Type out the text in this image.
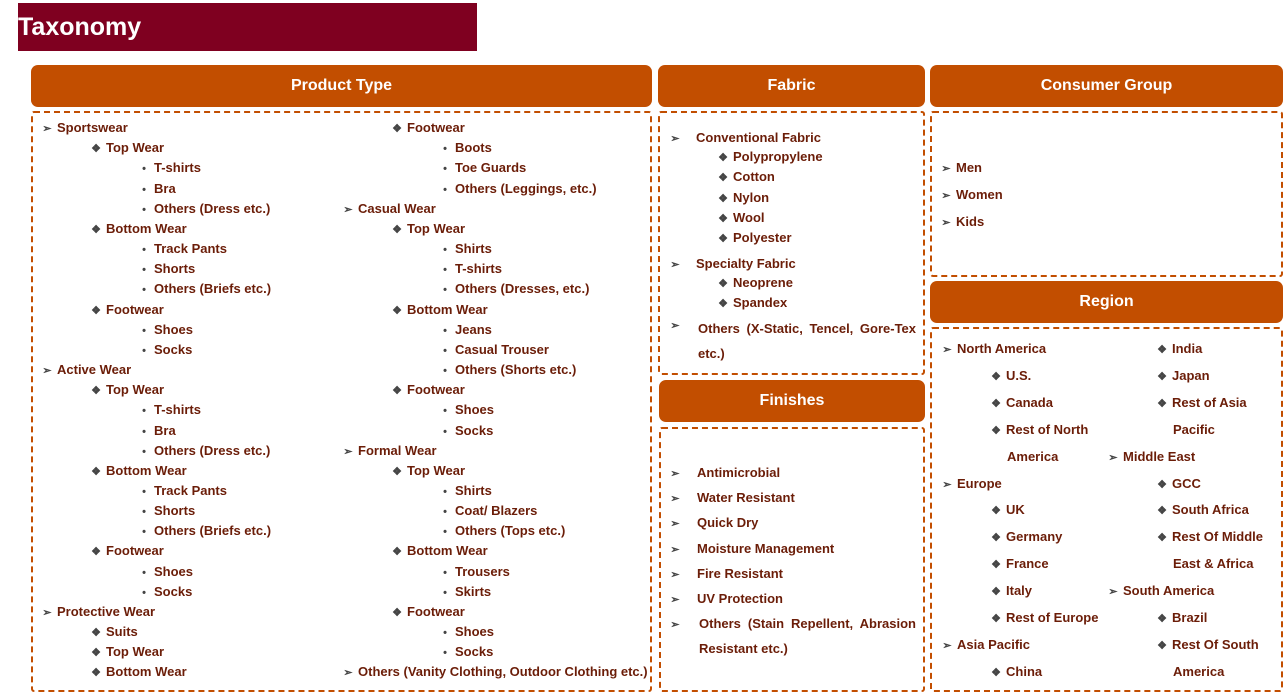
Taxonomy
Product Type	Fabric	Consumer Group
Region
Finishes
➢ Sportswear
❖ Top Wear
• T-shirts
• Bra
• Others (Dress etc.)
❖ Bottom Wear
• Track Pants
• Shorts
• Others (Briefs etc.)
❖ Footwear
• Shoes
• Socks
➢ Active Wear
❖ Top Wear
• T-shirts
• Bra
• Others (Dress etc.)
❖ Bottom Wear
• Track Pants
• Shorts
• Others (Briefs etc.)
❖ Footwear
• Shoes
• Socks
➢ Protective Wear
❖ Suits
❖ Top Wear
❖ Bottom Wear
❖ Footwear
• Boots
• Toe Guards
• Others (Leggings, etc.)
➢ Casual Wear
❖ Top Wear
• Shirts
• T-shirts
• Others (Dresses, etc.)
❖ Bottom Wear
• Jeans
• Casual Trouser
• Others (Shorts etc.)
❖ Footwear
• Shoes
• Socks
➢ Formal Wear
❖ Top Wear
• Shirts
• Coat/ Blazers
• Others (Tops etc.)
❖ Bottom Wear
• Trousers
• Skirts
❖ Footwear
• Shoes
• Socks
➢ Others (Vanity Clothing, Outdoor Clothing etc.)
➢ Conventional Fabric
❖ Polypropylene
❖ Cotton
❖ Nylon
❖ Wool
❖ Polyester
➢ Specialty Fabric
❖ Neoprene
❖ Spandex
➢	Others (X-Static, Tencel, Gore-Tex etc.)
➢ Men
➢ Women
➢ Kids
➢ Antimicrobial
➢ Water Resistant
➢ Quick Dry
➢ Moisture Management
➢ Fire Resistant
➢ UV Protection
➢	Others (Stain Repellent, Abrasion Resistant etc.)
➢ North America
❖ U.S.
❖ Canada
❖ Rest of North
America
➢ Europe
❖ UK
❖ Germany
❖ France
❖ Italy
❖ Rest of Europe
➢ Asia Pacific
❖ China
❖ India
❖ Japan
❖ Rest of Asia
Pacific
➢ Middle East
❖ GCC
❖ South Africa
❖ Rest Of Middle
East & Africa
➢ South America
❖ Brazil
❖ Rest Of South
America
